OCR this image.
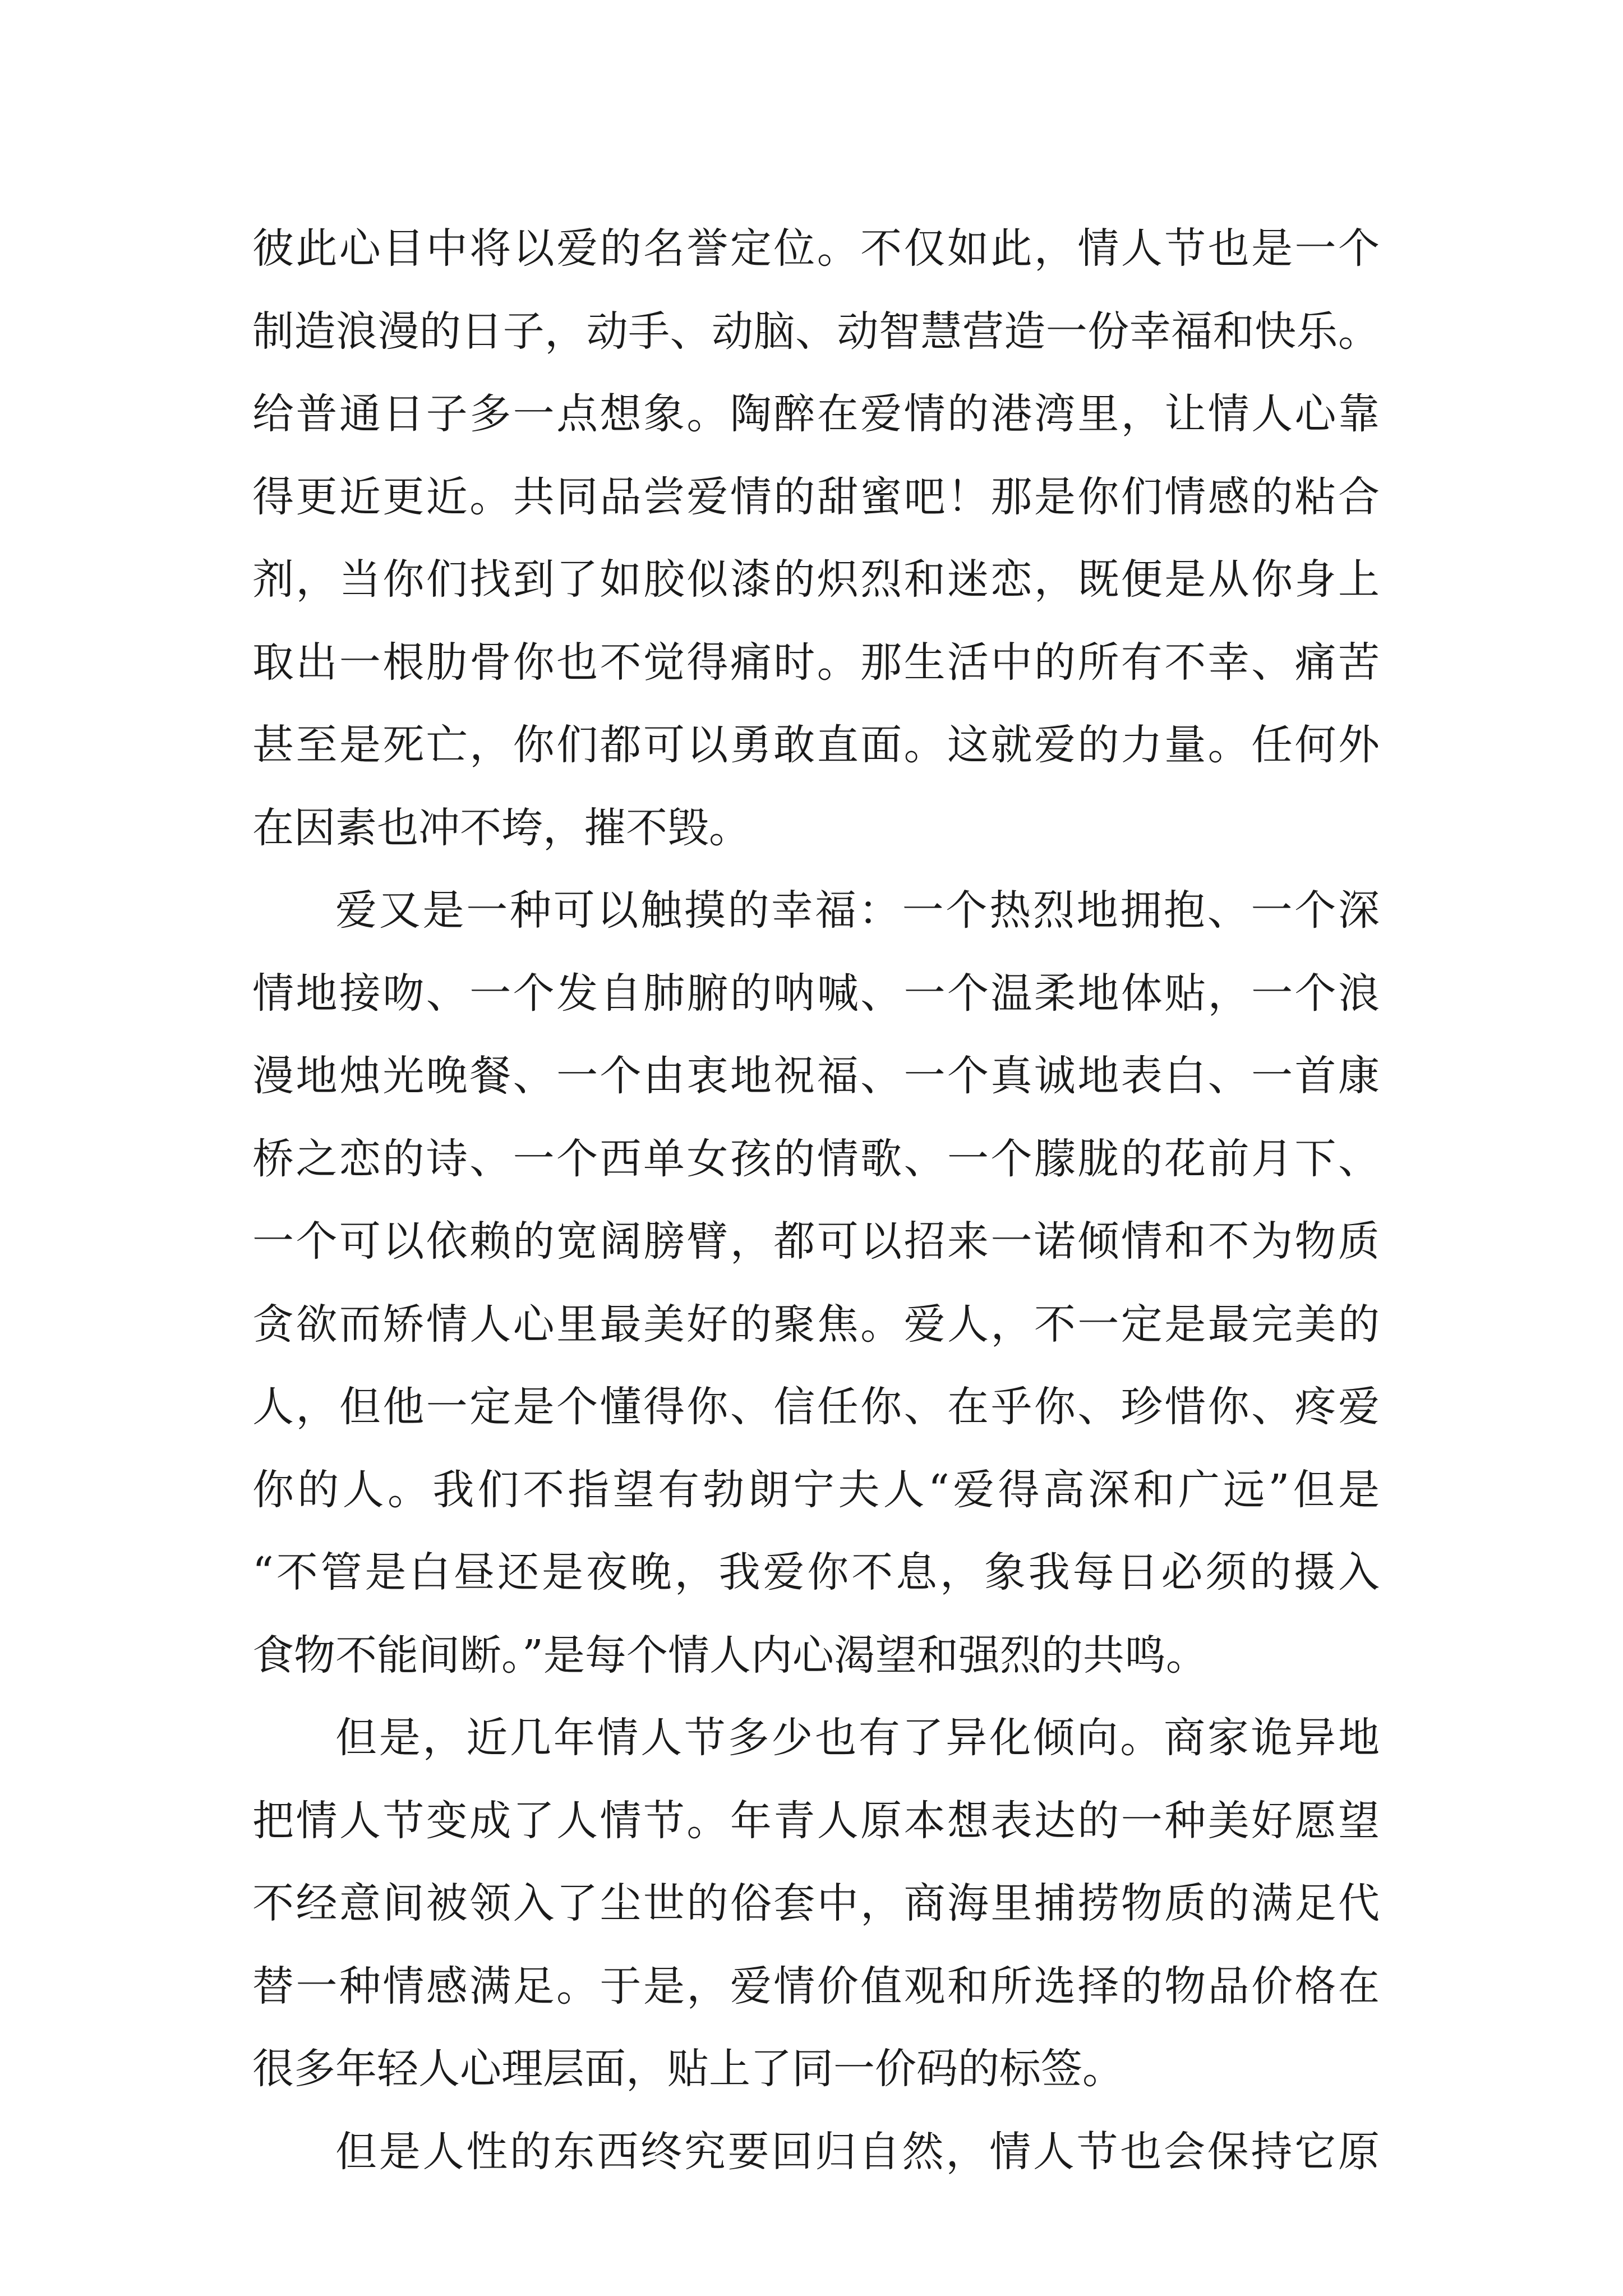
彼此心目中将以爱的名誉定位。不仅如此，情人节也是一个
制造浪漫的日子，动手、动脑、动智慧营造一份幸福和快乐。
给普通日子多一点想象。陶醉在爱情的港湾里，让情人心靠
得更近更近。共同品尝爱情的甜蜜吧！那是你们情感的粘合
剂，当你们找到了如胶似漆的炽烈和迷恋，既便是从你身上
取出一根肋骨你也不觉得痛时。那生活中的所有不幸、痛苦
甚至是死亡，你们都可以勇敢直面。这就爱的力量。任何外
在因素也冲不垮，摧不毁。
爱又是一种可以触摸的幸福：一个热烈地拥抱、一个深
情地接吻、一个发自肺腑的呐喊、一个温柔地体贴，一个浪
漫地烛光晚餐、一个由衷地祝福、一个真诚地表白、一首康
桥之恋的诗、一个西单女孩的情歌、一个朦胧的花前月下、
一个可以依赖的宽阔膀臂，都可以招来一诺倾情和不为物质
贪欲而矫情人心里最美好的聚焦。爱人，不一定是最完美的
人，但他一定是个懂得你、信任你、在乎你、珍惜你、疼爱
你的人。我们不指望有勃朗宁夫人“爱得高深和广远”但是
“不管是白昼还是夜晚，我爱你不息，象我每日必须的摄入
食物不能间断。”是每个情人内心渴望和强烈的共鸣。
但是，近几年情人节多少也有了异化倾向。商家诡异地
把情人节变成了人情节。年青人原本想表达的一种美好愿望
不经意间被领入了尘世的俗套中，商海里捕捞物质的满足代
替一种情感满足。于是，爱情价值观和所选择的物品价格在
很多年轻人心理层面，贴上了同一价码的标签。
但是人性的东西终究要回归自然，情人节也会保持它原
